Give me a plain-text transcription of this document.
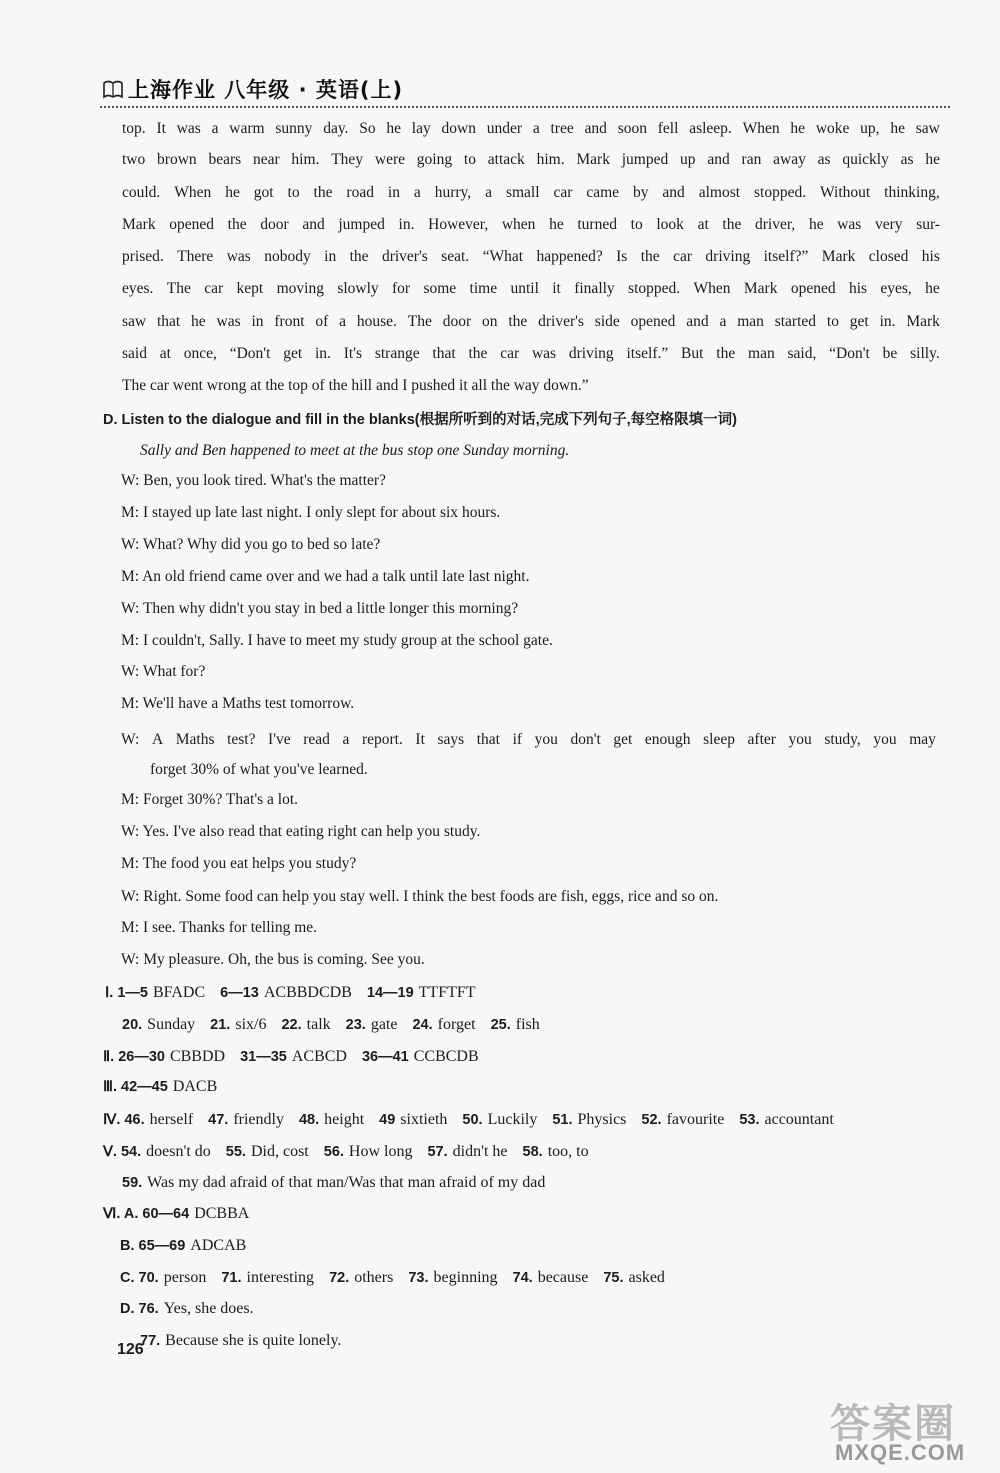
上海作业 八年级 · 英语(上)
top. It was a warm sunny day. So he lay down under a tree and soon fell asleep. When he woke up, he saw
two brown bears near him. They were going to attack him. Mark jumped up and ran away as quickly as he
could. When he got to the road in a hurry, a small car came by and almost stopped. Without thinking,
Mark opened the door and jumped in. However, when he turned to look at the driver, he was very sur-
prised. There was nobody in the driver's seat. “What happened? Is the car driving itself?” Mark closed his
eyes. The car kept moving slowly for some time until it finally stopped. When Mark opened his eyes, he
saw that he was in front of a house. The door on the driver's side opened and a man started to get in. Mark
said at once, “Don't get in. It's strange that the car was driving itself.” But the man said, “Don't be silly.
The car went wrong at the top of the hill and I pushed it all the way down.”
D. Listen to the dialogue and fill in the blanks(根据所听到的对话,完成下列句子,每空格限填一词)
Sally and Ben happened to meet at the bus stop one Sunday morning.
W: Ben, you look tired. What's the matter?
M: I stayed up late last night. I only slept for about six hours.
W: What? Why did you go to bed so late?
M: An old friend came over and we had a talk until late last night.
W: Then why didn't you stay in bed a little longer this morning?
M: I couldn't, Sally. I have to meet my study group at the school gate.
W: What for?
M: We'll have a Maths test tomorrow.
W: A Maths test? I've read a report. It says that if you don't get enough sleep after you study, you may
forget 30% of what you've learned.
M: Forget 30%? That's a lot.
W: Yes. I've also read that eating right can help you study.
M: The food you eat helps you study?
W: Right. Some food can help you stay well. I think the best foods are fish, eggs, rice and so on.
M: I see. Thanks for telling me.
W: My pleasure. Oh, the bus is coming. See you.
Ⅰ. 1—5 BFADC 6—13 ACBBDCDB 14—19 TTFTFT
20. Sunday 21. six/6 22. talk 23. gate 24. forget 25. fish
Ⅱ. 26—30 CBBDD 31—35 ACBCD 36—41 CCBCDB
Ⅲ. 42—45 DACB
Ⅳ. 46. herself 47. friendly 48. height 49 sixtieth 50. Luckily 51. Physics 52. favourite 53. accountant
Ⅴ. 54. doesn't do 55. Did, cost 56. How long 57. didn't he 58. too, to
59. Was my dad afraid of that man/Was that man afraid of my dad
Ⅵ. A. 60—64 DCBBA
B. 65—69 ADCAB
C. 70. person 71. interesting 72. others 73. beginning 74. because 75. asked
D. 76. Yes, she does.
77. Because she is quite lonely.
126
答案圈
MXQE.COM
